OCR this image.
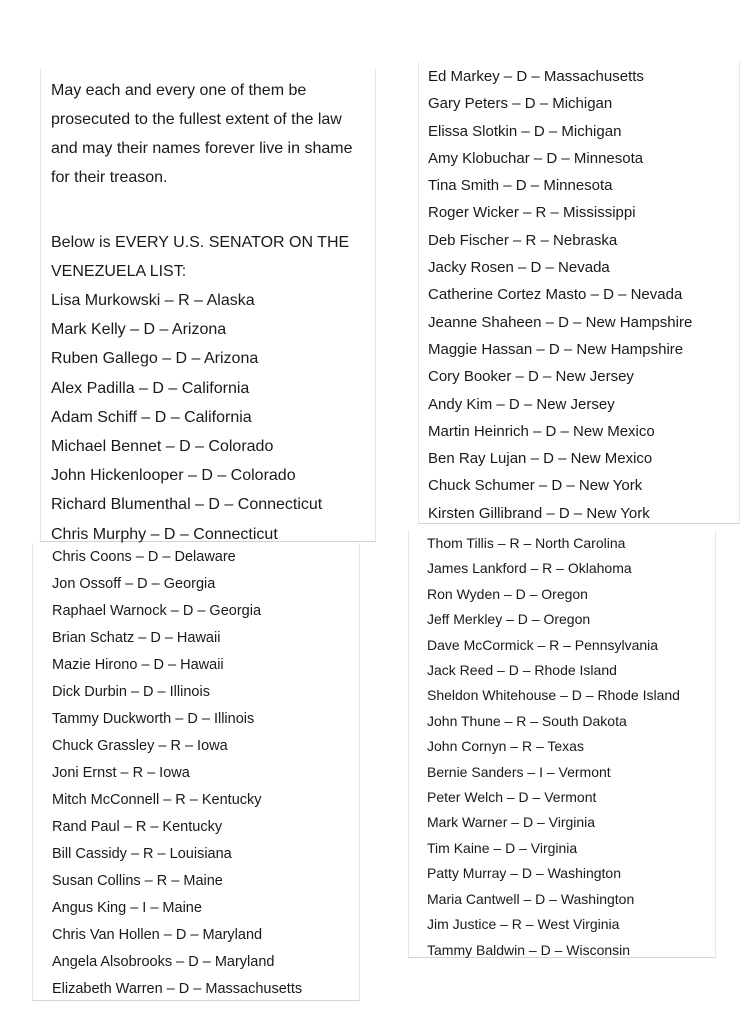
May each and every one of them be prosecuted to the fullest extent of the law and may their names forever live in shame for their treason.
Below is EVERY U.S. SENATOR ON THE VENEZUELA LIST:
Lisa Murkowski – R – Alaska
Mark Kelly – D – Arizona
Ruben Gallego – D – Arizona
Alex Padilla – D – California
Adam Schiff – D – California
Michael Bennet – D – Colorado
John Hickenlooper – D – Colorado
Richard Blumenthal – D – Connecticut
Chris Murphy – D – Connecticut
Ed Markey – D – Massachusetts
Gary Peters – D – Michigan
Elissa Slotkin – D – Michigan
Amy Klobuchar – D – Minnesota
Tina Smith – D – Minnesota
Roger Wicker – R – Mississippi
Deb Fischer – R – Nebraska
Jacky Rosen – D – Nevada
Catherine Cortez Masto – D – Nevada
Jeanne Shaheen – D – New Hampshire
Maggie Hassan – D – New Hampshire
Cory Booker – D – New Jersey
Andy Kim – D – New Jersey
Martin Heinrich – D – New Mexico
Ben Ray Lujan – D – New Mexico
Chuck Schumer – D – New York
Kirsten Gillibrand – D – New York
Chris Coons – D – Delaware
Jon Ossoff – D – Georgia
Raphael Warnock – D – Georgia
Brian Schatz – D – Hawaii
Mazie Hirono – D – Hawaii
Dick Durbin – D – Illinois
Tammy Duckworth – D – Illinois
Chuck Grassley – R – Iowa
Joni Ernst – R – Iowa
Mitch McConnell – R – Kentucky
Rand Paul – R – Kentucky
Bill Cassidy – R – Louisiana
Susan Collins – R – Maine
Angus King – I – Maine
Chris Van Hollen – D – Maryland
Angela Alsobrooks – D – Maryland
Elizabeth Warren – D – Massachusetts
Thom Tillis – R – North Carolina
James Lankford – R – Oklahoma
Ron Wyden – D – Oregon
Jeff Merkley – D – Oregon
Dave McCormick – R – Pennsylvania
Jack Reed – D – Rhode Island
Sheldon Whitehouse – D – Rhode Island
John Thune – R – South Dakota
John Cornyn – R – Texas
Bernie Sanders – I – Vermont
Peter Welch – D – Vermont
Mark Warner – D – Virginia
Tim Kaine – D – Virginia
Patty Murray – D – Washington
Maria Cantwell – D – Washington
Jim Justice – R – West Virginia
Tammy Baldwin – D – Wisconsin
